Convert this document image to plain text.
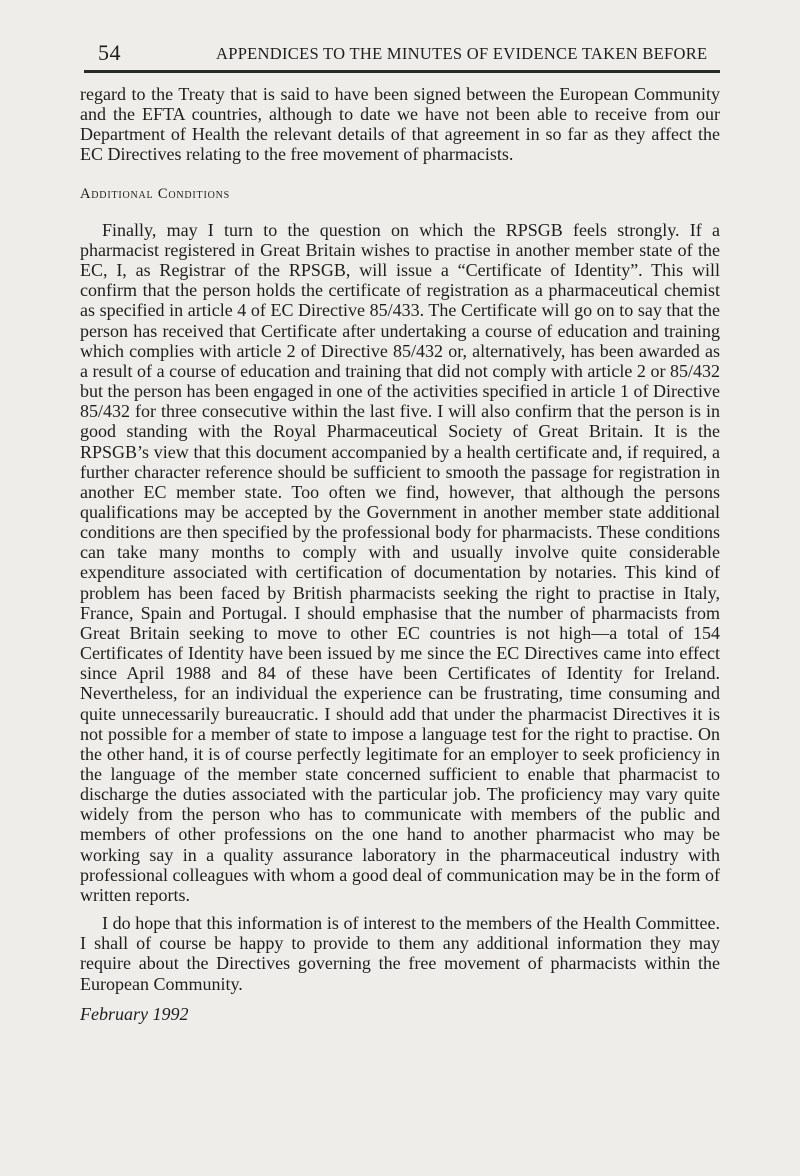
54	APPENDICES TO THE MINUTES OF EVIDENCE TAKEN BEFORE

regard to the Treaty that is said to have been signed between the European Community and the EFTA countries, although to date we have not been able to receive from our Department of Health the relevant details of that agreement in so far as they affect the EC Directives relating to the free movement of pharmacists.

Additional Conditions

Finally, may I turn to the question on which the RPSGB feels strongly. If a pharmacist registered in Great Britain wishes to practise in another member state of the EC, I, as Registrar of the RPSGB, will issue a “Certificate of Identity”. This will confirm that the person holds the certificate of registration as a pharmaceutical chemist as specified in article 4 of EC Directive 85/433. The Certificate will go on to say that the person has received that Certificate after undertaking a course of education and training which complies with article 2 of Directive 85/432 or, alternatively, has been awarded as a result of a course of education and training that did not comply with article 2 or 85/432 but the person has been engaged in one of the activities specified in article 1 of Directive 85/432 for three consecutive within the last five. I will also confirm that the person is in good standing with the Royal Pharmaceutical Society of Great Britain. It is the RPSGB’s view that this document accompanied by a health certificate and, if required, a further character reference should be sufficient to smooth the passage for registration in another EC member state. Too often we find, however, that although the persons qualifications may be accepted by the Government in another member state additional conditions are then specified by the professional body for pharmacists. These conditions can take many months to comply with and usually involve quite considerable expenditure associated with certification of documentation by notaries. This kind of problem has been faced by British pharmacists seeking the right to practise in Italy, France, Spain and Portugal. I should emphasise that the number of pharmacists from Great Britain seeking to move to other EC countries is not high—a total of 154 Certificates of Identity have been issued by me since the EC Directives came into effect since April 1988 and 84 of these have been Certificates of Identity for Ireland. Nevertheless, for an individual the experience can be frustrating, time consuming and quite unnecessarily bureaucratic. I should add that under the pharmacist Directives it is not possible for a member of state to impose a language test for the right to practise. On the other hand, it is of course perfectly legitimate for an employer to seek proficiency in the language of the member state concerned sufficient to enable that pharmacist to discharge the duties associated with the particular job. The proficiency may vary quite widely from the person who has to communicate with members of the public and members of other professions on the one hand to another pharmacist who may be working say in a quality assurance laboratory in the pharmaceutical industry with professional colleagues with whom a good deal of communication may be in the form of written reports.

I do hope that this information is of interest to the members of the Health Committee. I shall of course be happy to provide to them any additional information they may require about the Directives governing the free movement of pharmacists within the European Community.

February 1992
